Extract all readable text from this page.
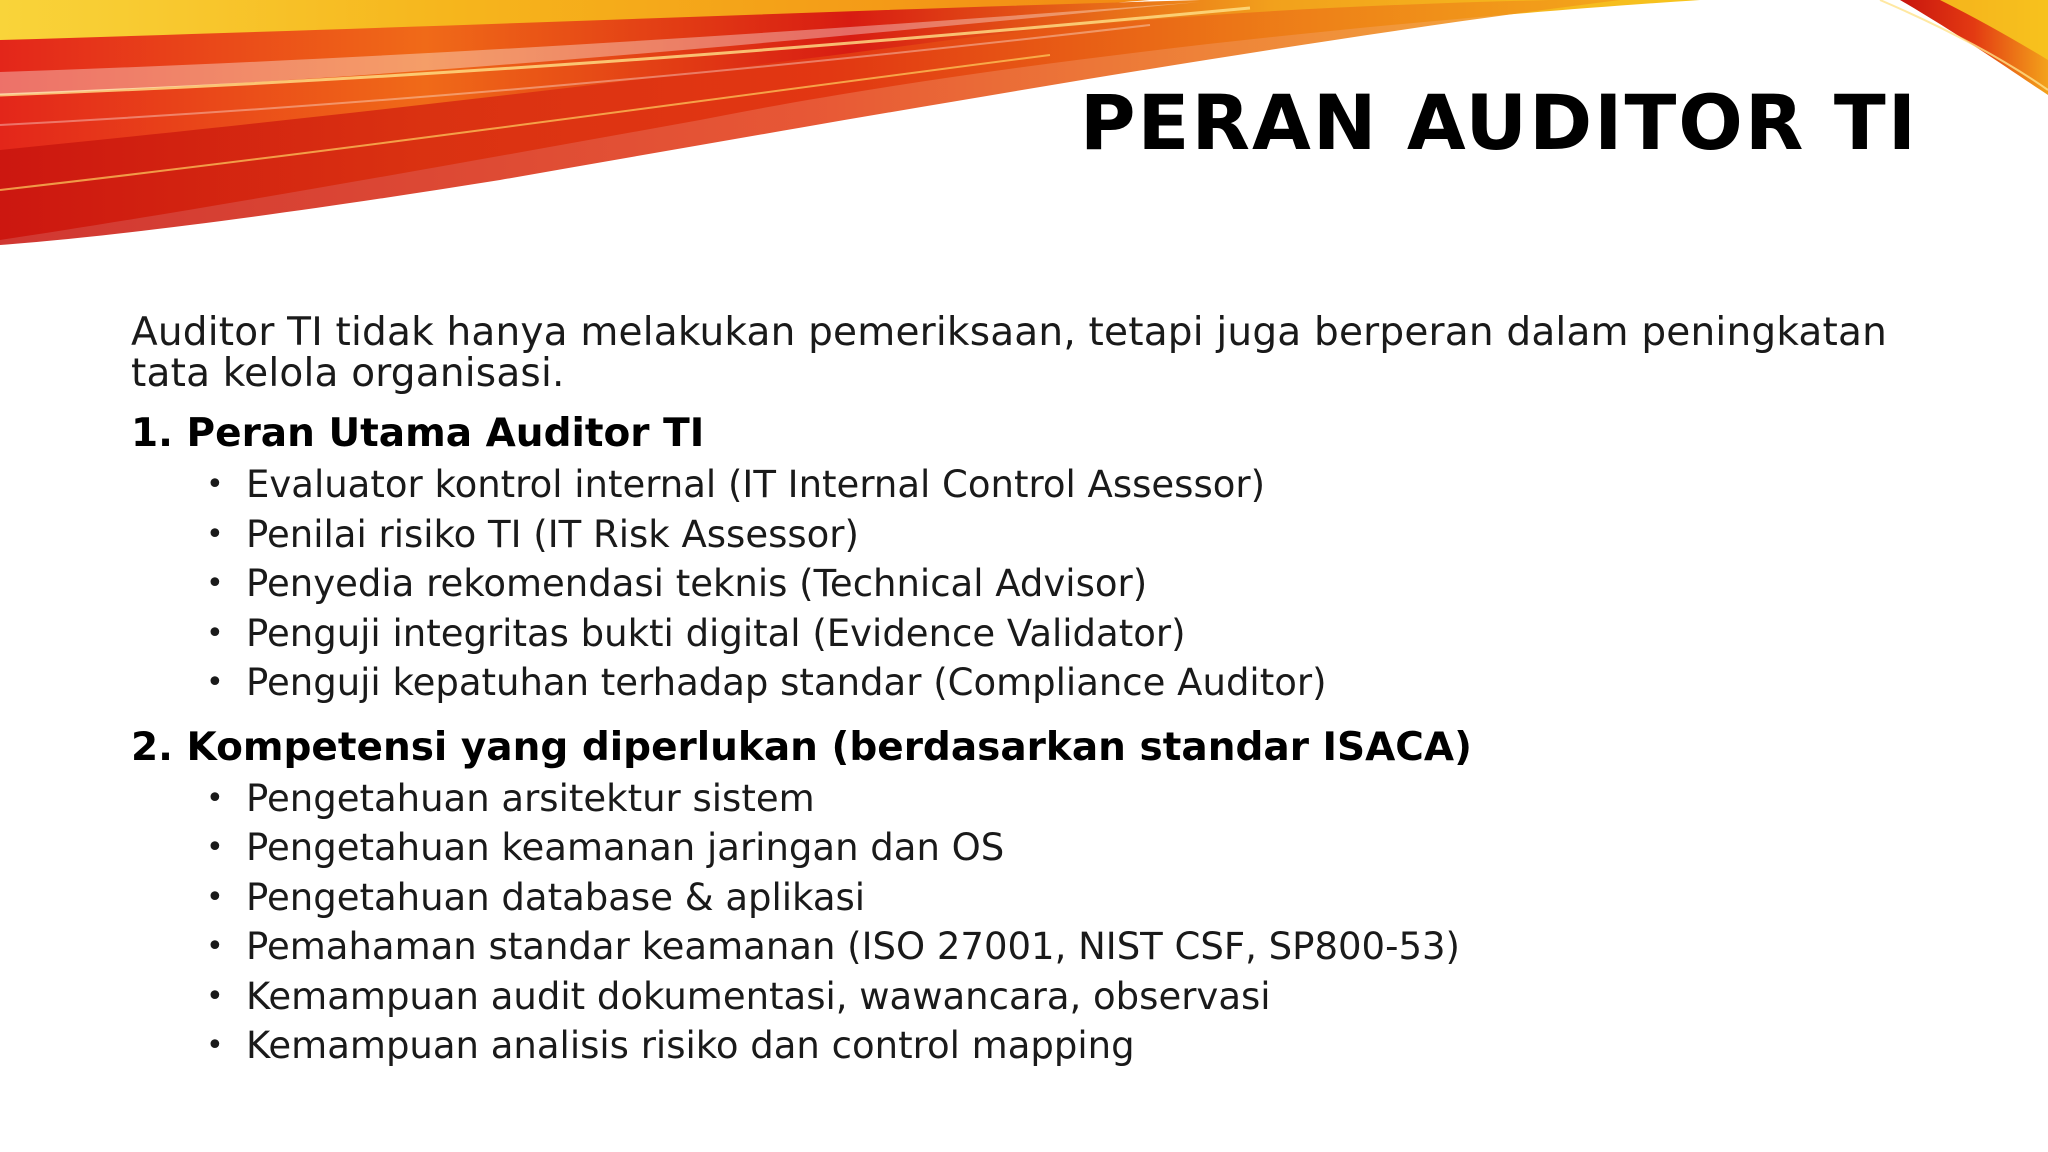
PERAN AUDITOR TI

Auditor TI tidak hanya melakukan pemeriksaan, tetapi juga berperan dalam peningkatan tata kelola organisasi.

1. Peran Utama Auditor TI
• Evaluator kontrol internal (IT Internal Control Assessor)
• Penilai risiko TI (IT Risk Assessor)
• Penyedia rekomendasi teknis (Technical Advisor)
• Penguji integritas bukti digital (Evidence Validator)
• Penguji kepatuhan terhadap standar (Compliance Auditor)
2. Kompetensi yang diperlukan (berdasarkan standar ISACA)
• Pengetahuan arsitektur sistem
• Pengetahuan keamanan jaringan dan OS
• Pengetahuan database & aplikasi
• Pemahaman standar keamanan (ISO 27001, NIST CSF, SP800-53)
• Kemampuan audit dokumentasi, wawancara, observasi
• Kemampuan analisis risiko dan control mapping
